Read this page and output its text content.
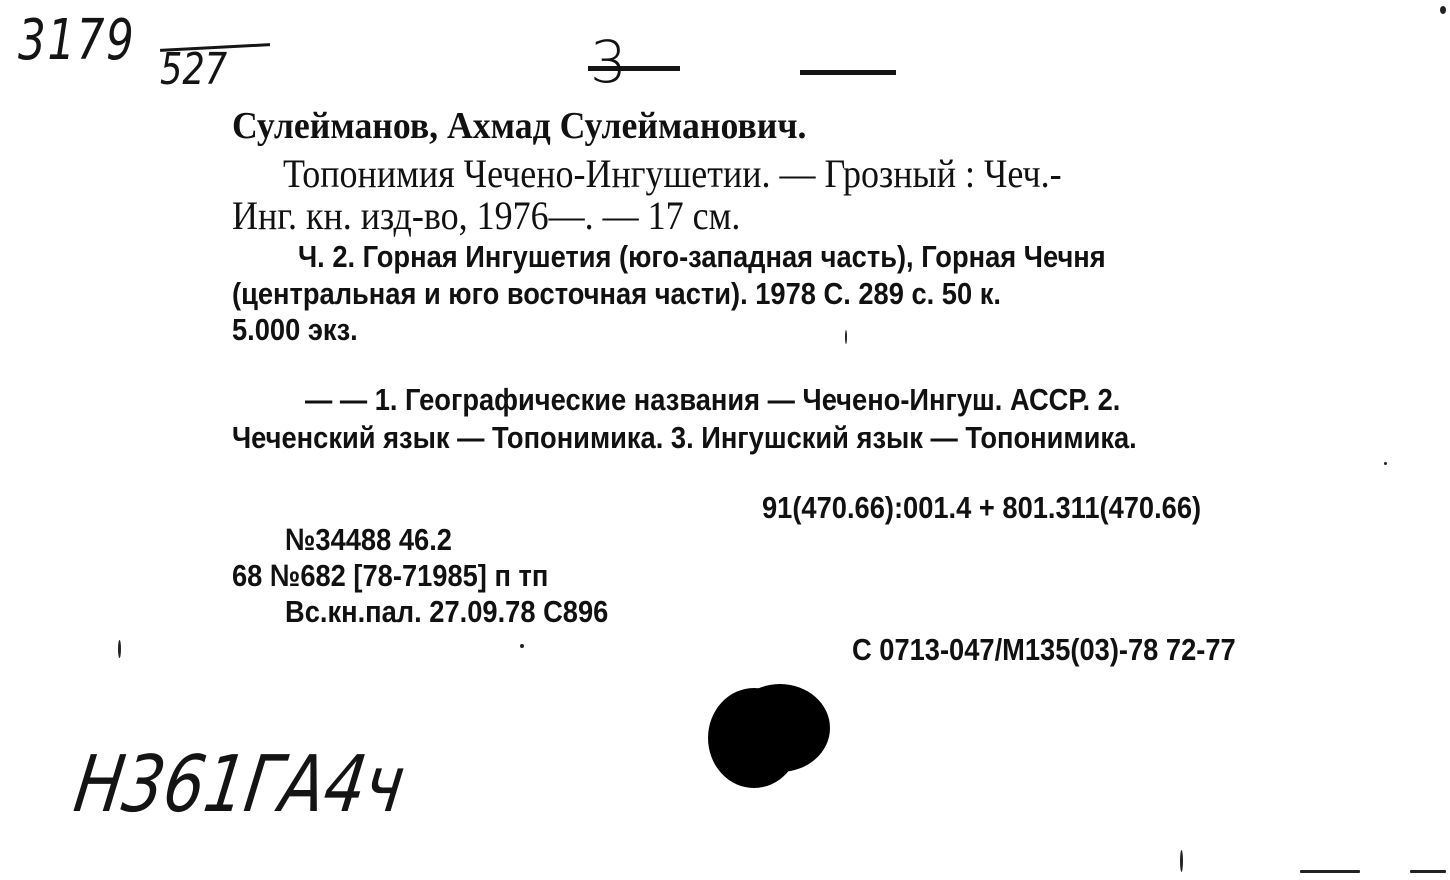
3179 527	3
Сулейманов, Ахмад Сулейманович.
Топонимия Чечено-Ингушетии. — Грозный : Чеч.-
Инг. кн. изд-во, 1976—. — 17 см.
Ч. 2. Горная Ингушетия (юго-западная часть), Горная Чечня
(центральная и юго восточная части). 1978 С. 289 с. 50 к.
5.000 экз.
— — 1. Географические названия — Чечено-Ингуш. АССР. 2.
Чеченский язык — Топонимика. 3. Ингушский язык — Топонимика.
91(470.66):001.4 + 801.311(470.66)
№34488 46.2
68 №682 [78-71985] п тп
Вс.кн.пал. 27.09.78 С896
С 0713-047/М135(03)-78 72-77
Н361ГА4ч
